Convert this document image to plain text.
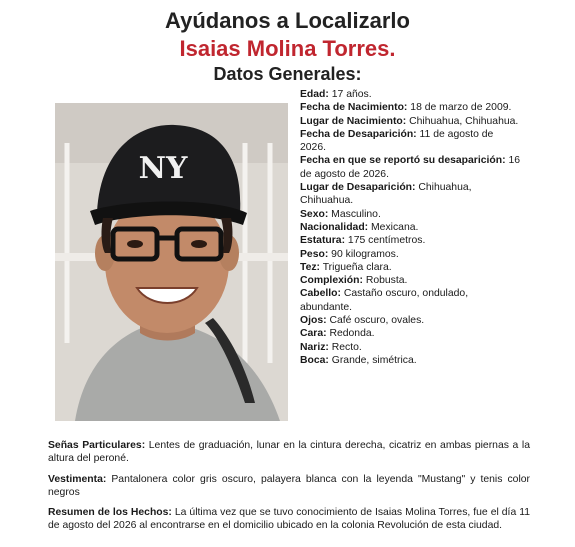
Ayúdanos a Localizarlo
Isaias Molina Torres.
Datos Generales:
NY
Edad: 17 años.
Fecha de Nacimiento: 18 de marzo de 2009.
Lugar de Nacimiento: Chihuahua, Chihuahua.
Fecha de Desaparición: 11 de agosto de 2026.
Fecha en que se reportó su desaparición: 16 de agosto de 2026.
Lugar de Desaparición: Chihuahua, Chihuahua.
Sexo: Masculino.
Nacionalidad: Mexicana.
Estatura: 175 centímetros.
Peso: 90 kilogramos.
Tez: Trigueña clara.
Complexión: Robusta.
Cabello: Castaño oscuro, ondulado, abundante.
Ojos: Café oscuro, ovales.
Cara: Redonda.
Nariz: Recto.
Boca: Grande, simétrica.
Señas Particulares: Lentes de graduación, lunar en la cintura derecha, cicatriz en ambas piernas a la altura del peroné.
Vestimenta: Pantalonera color gris oscuro, palayera blanca con la leyenda "Mustang" y tenis color negros
Resumen de los Hechos: La última vez que se tuvo conocimiento de Isaias Molina Torres, fue el día 11 de agosto del 2026 al encontrarse en el domicilio ubicado en la colonia Revolución de esta ciudad.
